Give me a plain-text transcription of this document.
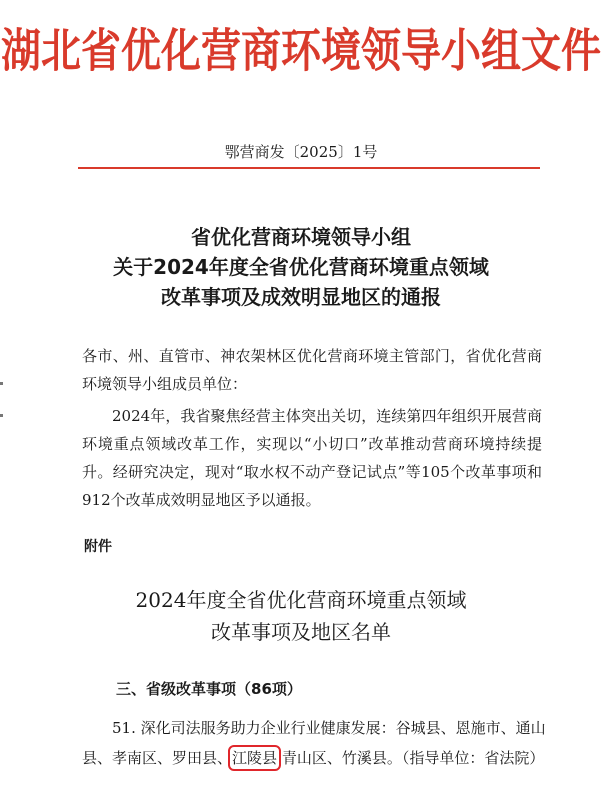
湖北省优化营商环境领导小组文件
鄂营商发〔2025〕1号
省优化营商环境领导小组
关于2024年度全省优化营商环境重点领域
改革事项及成效明显地区的通报
各市、州、直管市、神农架林区优化营商环境主管部门，省优化营商环境领导小组成员单位：
2024年，我省聚焦经营主体突出关切，连续第四年组织开展营商环境重点领域改革工作，实现以“小切口”改革推动营商环境持续提升。经研究决定，现对“取水权不动产登记试点”等105个改革事项和912个改革成效明显地区予以通报。
附件
2024年度全省优化营商环境重点领域
改革事项及地区名单
三、省级改革事项（86项）
51. 深化司法服务助力企业行业健康发展：谷城县、恩施市、通山县、孝南区、罗田县、江陵县 青山区、竹溪县。（指导单位：省法院）
